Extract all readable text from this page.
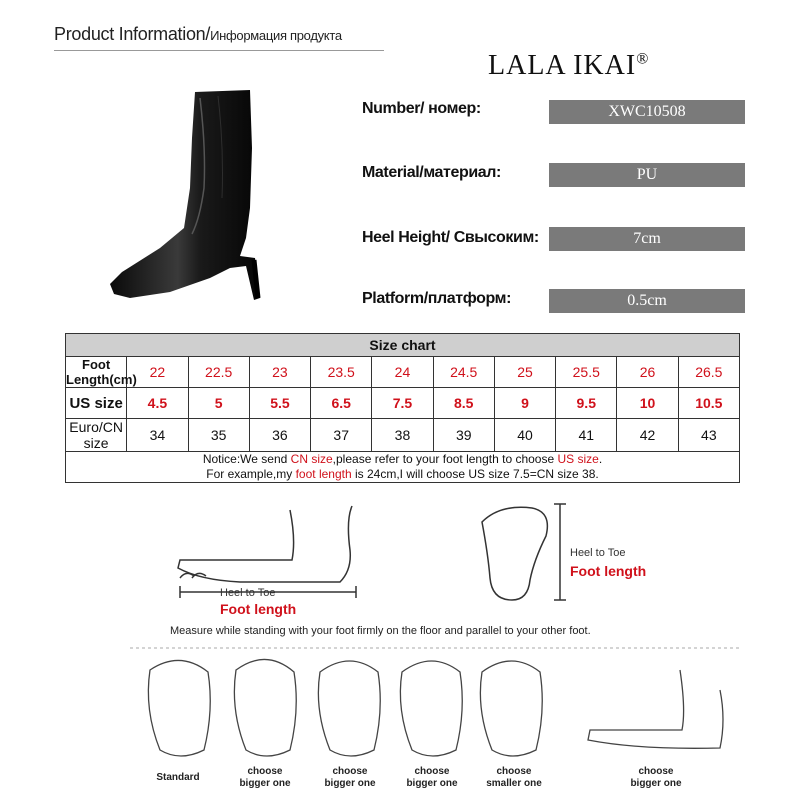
Product Information/Информация продукта
LALA IKAI®
Number/ номер:	XWC10508
Material/материал:	PU
Heel Height/ Свысоким:	7cm
Platform/платформ:	0.5cm
Size chart										
Foot Length(cm)	22	22.5	23	23.5	24	24.5	25	25.5	26	26.5
US size	4.5	5	5.5	6.5	7.5	8.5	9	9.5	10	10.5
Euro/CN size	34	35	36	37	38	39	40	41	42	43
Notice:We send CN size,please refer to your foot length to choose US size.
For example,my foot length is 24cm,I will choose US size 7.5=CN size 38.										
Heel to Toe
Foot length
Heel to Toe
Foot length
Measure while standing with your foot firmly on the floor and parallel to your other foot.
Standard
choose
bigger one
choose
bigger one
choose
bigger one
choose
smaller one
choose
bigger one
